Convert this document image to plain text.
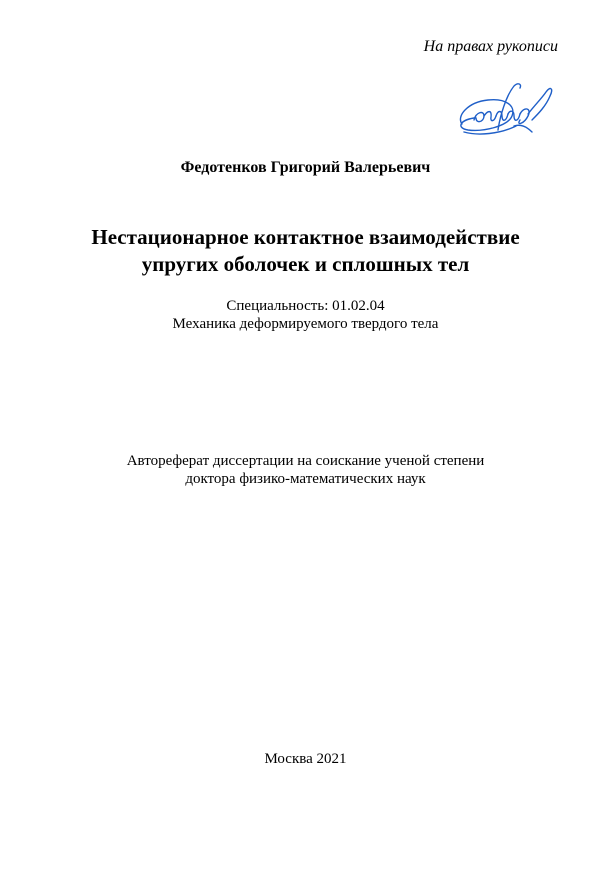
На правах рукописи
Федотенков Григорий Валерьевич
Нестационарное контактное взаимодействие
упругих оболочек и сплошных тел
Специальность: 01.02.04
Механика деформируемого твердого тела
Автореферат диссертации на соискание ученой степени
доктора физико-математических наук
Москва 2021
